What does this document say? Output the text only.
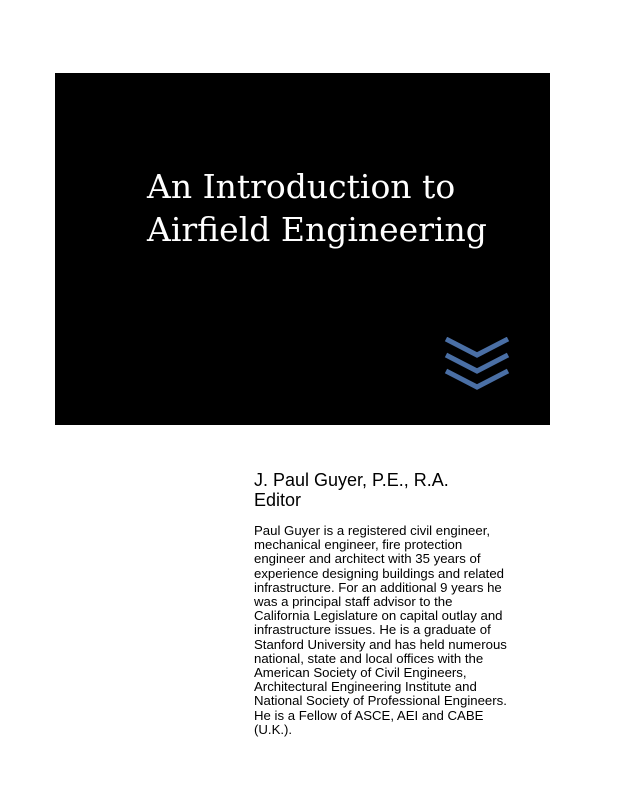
An Introduction to
Airfield Engineering

J. Paul Guyer, P.E., R.A.

Editor

Paul Guyer is a registered civil engineer,
mechanical engineer, fire protection
engineer and architect with 35 years of
experience designing buildings and related
infrastructure. For an additional 9 years he
was a principal staff advisor to the
California Legislature on capital outlay and
infrastructure issues. He is a graduate of
Stanford University and has held numerous
national, state and local offices with the
American Society of Civil Engineers,
Architectural Engineering Institute and
National Society of Professional Engineers.
He is a Fellow of ASCE, AEI and CABE
(U.K.).
